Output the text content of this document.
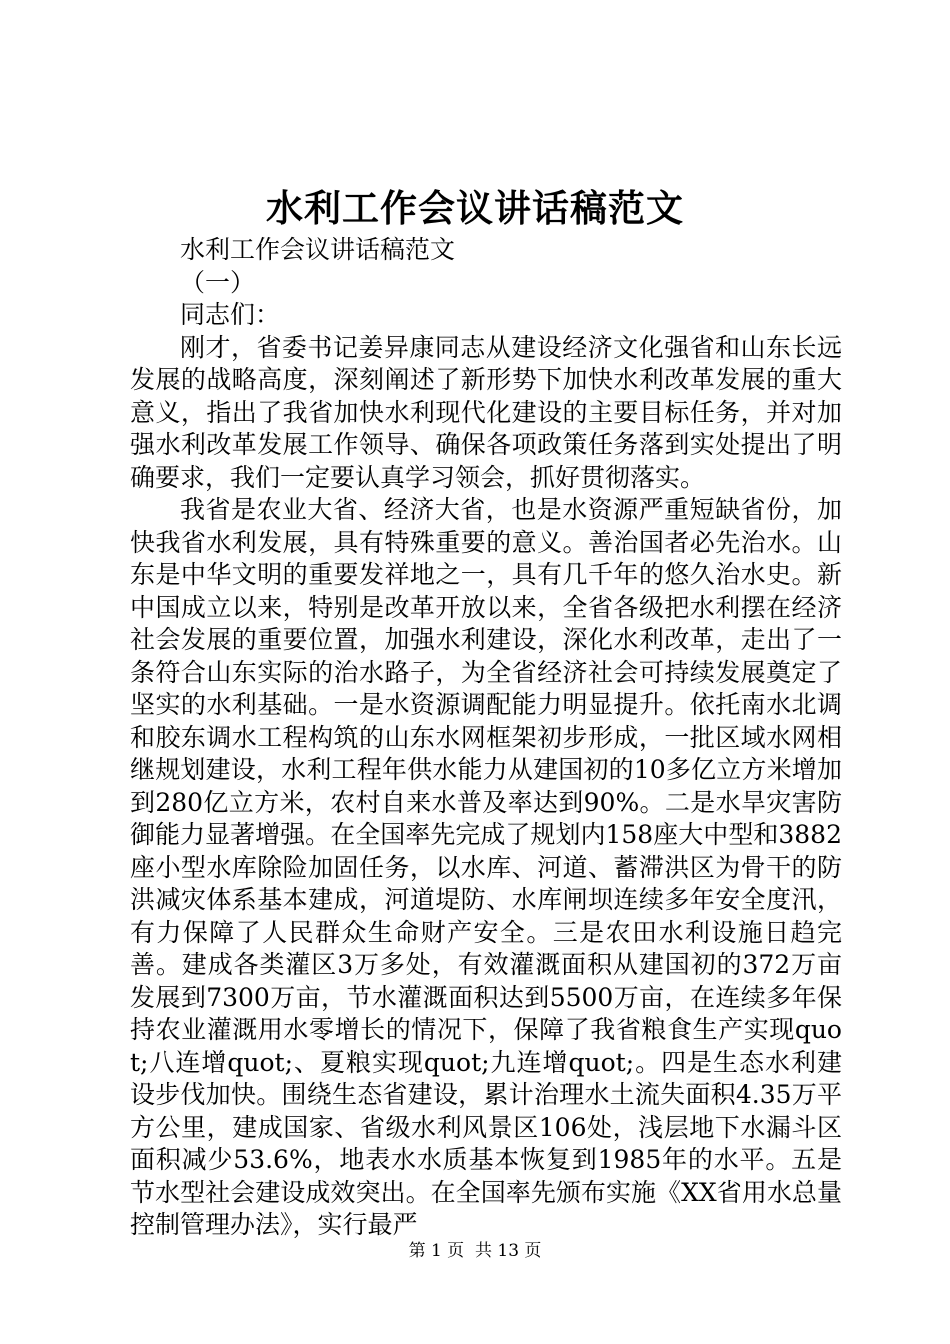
水利工作会议讲话稿范文

水利工作会议讲话稿范文

（一）

同志们：

刚才，省委书记姜异康同志从建设经济文化强省和山东长远发展的战略高度，深刻阐述了新形势下加快水利改革发展的重大意义，指出了我省加快水利现代化建设的主要目标任务，并对加强水利改革发展工作领导、确保各项政策任务落到实处提出了明确要求，我们一定要认真学习领会，抓好贯彻落实。

我省是农业大省、经济大省，也是水资源严重短缺省份，加快我省水利发展，具有特殊重要的意义。善治国者必先治水。山东是中华文明的重要发祥地之一，具有几千年的悠久治水史。新中国成立以来，特别是改革开放以来，全省各级把水利摆在经济社会发展的重要位置，加强水利建设，深化水利改革，走出了一条符合山东实际的治水路子，为全省经济社会可持续发展奠定了坚实的水利基础。一是水资源调配能力明显提升。依托南水北调和胶东调水工程构筑的山东水网框架初步形成，一批区域水网相继规划建设，水利工程年供水能力从建国初的10多亿立方米增加到280亿立方米，农村自来水普及率达到90%。二是水旱灾害防御能力显著增强。在全国率先完成了规划内158座大中型和3882座小型水库除险加固任务，以水库、河道、蓄滞洪区为骨干的防洪减灾体系基本建成，河道堤防、水库闸坝连续多年安全度汛，有力保障了人民群众生命财产安全。三是农田水利设施日趋完善。建成各类灌区3万多处，有效灌溉面积从建国初的372万亩发展到7300万亩，节水灌溉面积达到5500万亩，在连续多年保持农业灌溉用水零增长的情况下，保障了我省粮食生产实现quot;八连增quot;、夏粮实现quot;九连增quot;。四是生态水利建设步伐加快。围绕生态省建设，累计治理水土流失面积4.35万平方公里，建成国家、省级水利风景区106处，浅层地下水漏斗区面积减少53.6%，地表水水质基本恢复到1985年的水平。五是节水型社会建设成效突出。在全国率先颁布实施《XX省用水总量控制管理办法》，实行最严

第 1 页  共 13 页
